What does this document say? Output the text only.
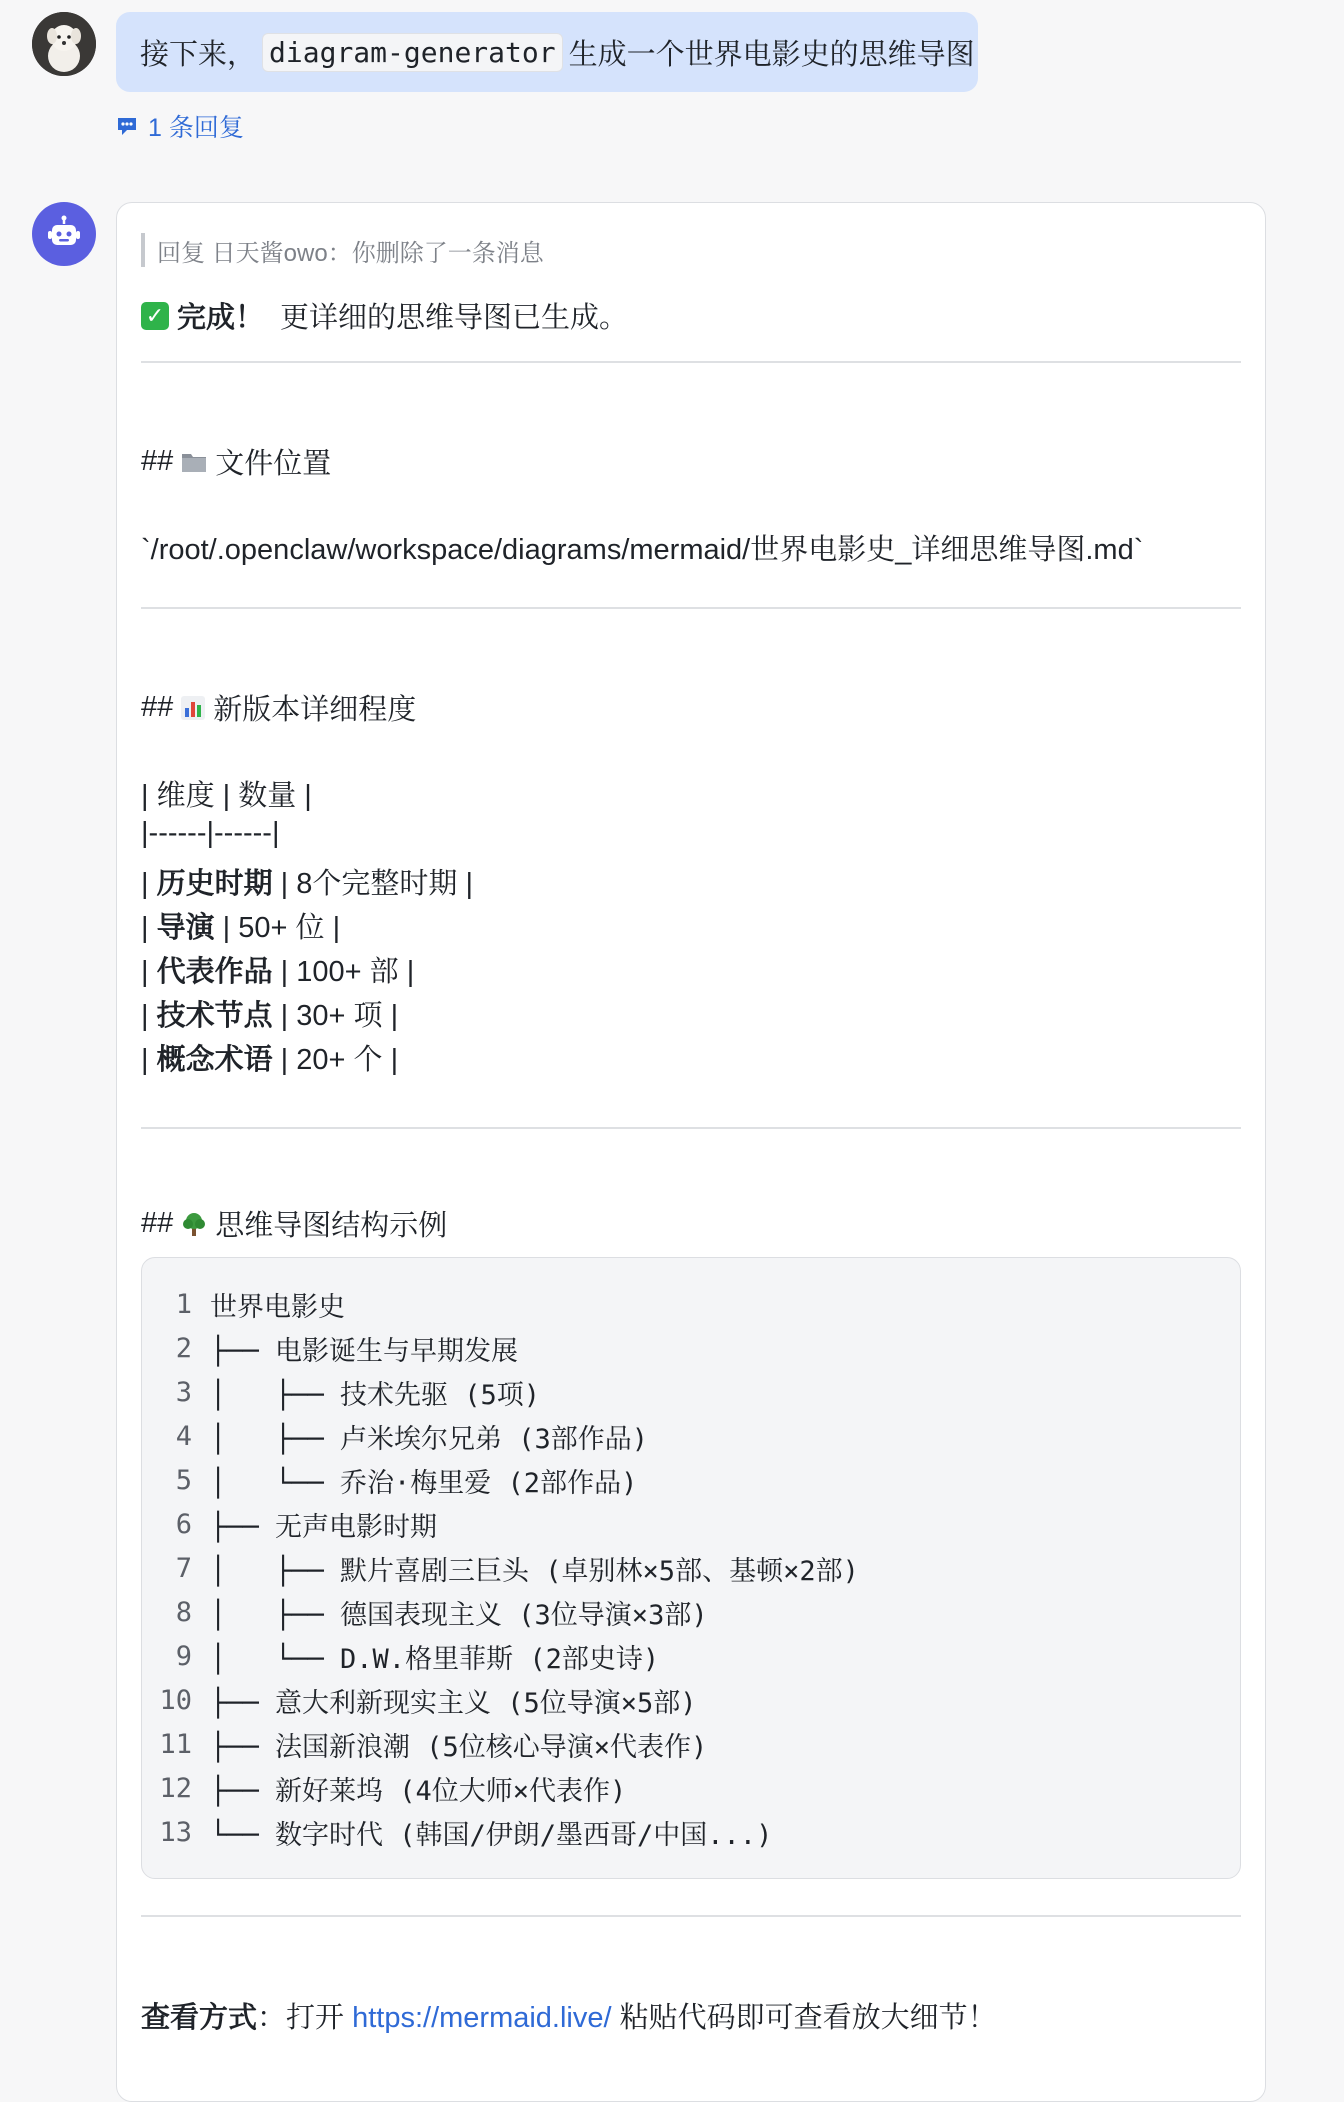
接下来， diagram-generator 生成一个世界电影史的思维导图
1 条回复
回复 日天酱owo：你删除了一条消息
✓ 完成！ 更详细的思维导图已生成。
## 文件位置
`/root/.openclaw/workspace/diagrams/mermaid/世界电影史_详细思维导图.md`
## 新版本详细程度
| 维度 | 数量 |
|------|------|
| 历史时期 | 8个完整时期 |
| 导演 | 50+ 位 |
| 代表作品 | 100+ 部 |
| 技术节点 | 30+ 项 |
| 概念术语 | 20+ 个 |
## 思维导图结构示例
1 世界电影史
2 ├── 电影诞生与早期发展
3 │   ├── 技术先驱 (5项)
4 │   ├── 卢米埃尔兄弟 (3部作品)
5 │   └── 乔治·梅里爱 (2部作品)
6 ├── 无声电影时期
7 │   ├── 默片喜剧三巨头 (卓别林×5部、基顿×2部)
8 │   ├── 德国表现主义 (3位导演×3部)
9 │   └── D.W.格里菲斯 (2部史诗)
10 ├── 意大利新现实主义 (5位导演×5部)
11 ├── 法国新浪潮 (5位核心导演×代表作)
12 ├── 新好莱坞 (4位大师×代表作)
13 └── 数字时代 (韩国/伊朗/墨西哥/中国...)
查看方式：打开 https://mermaid.live/ 粘贴代码即可查看放大细节！
